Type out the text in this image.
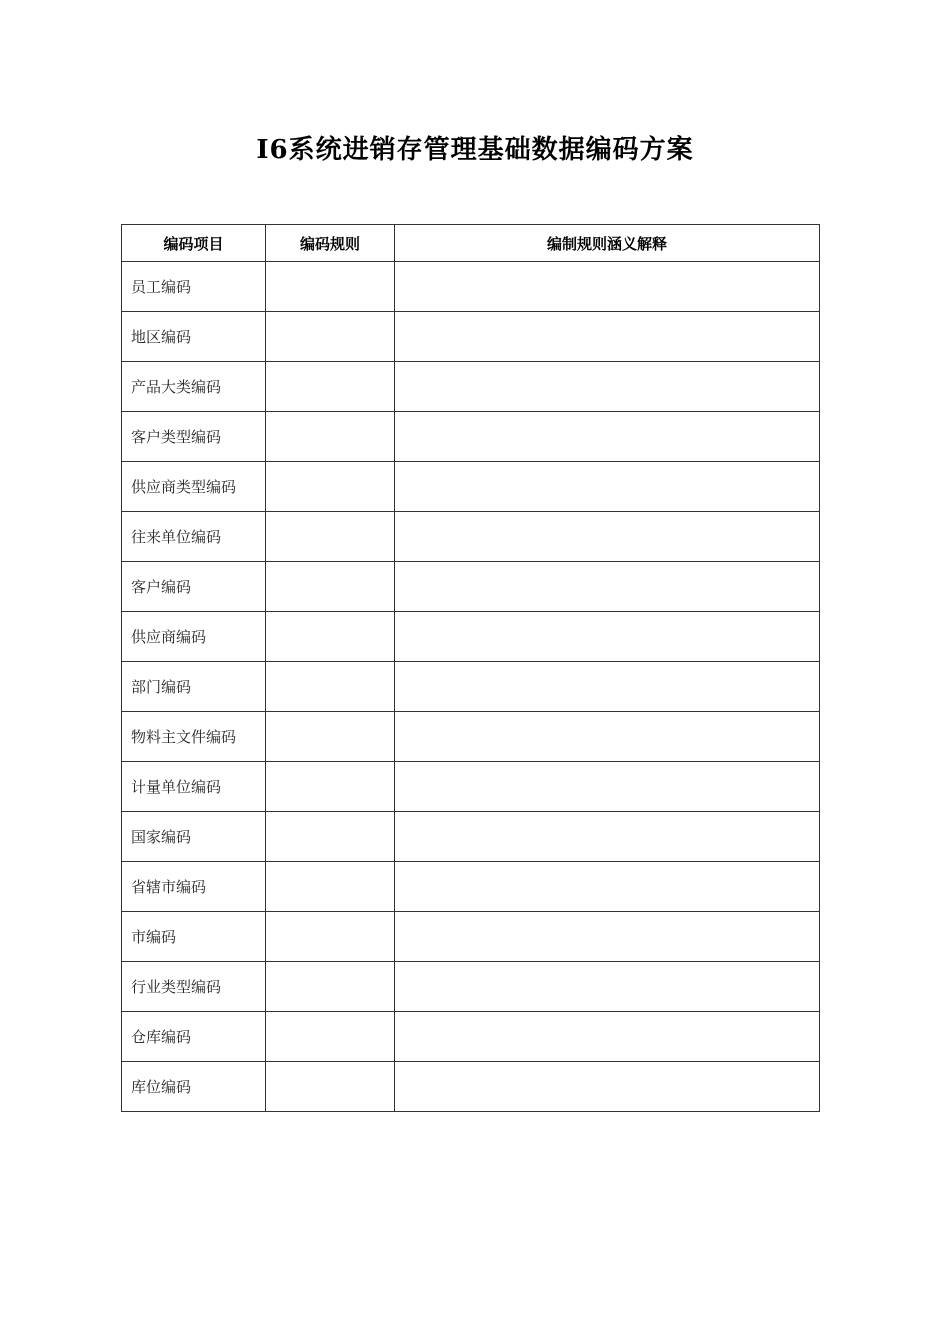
I6系统进销存管理基础数据编码方案
编码项目	编码规则	编制规则涵义解释
员工编码		
地区编码		
产品大类编码		
客户类型编码		
供应商类型编码		
往来单位编码		
客户编码		
供应商编码		
部门编码		
物料主文件编码		
计量单位编码		
国家编码		
省辖市编码		
市编码		
行业类型编码		
仓库编码		
库位编码		
